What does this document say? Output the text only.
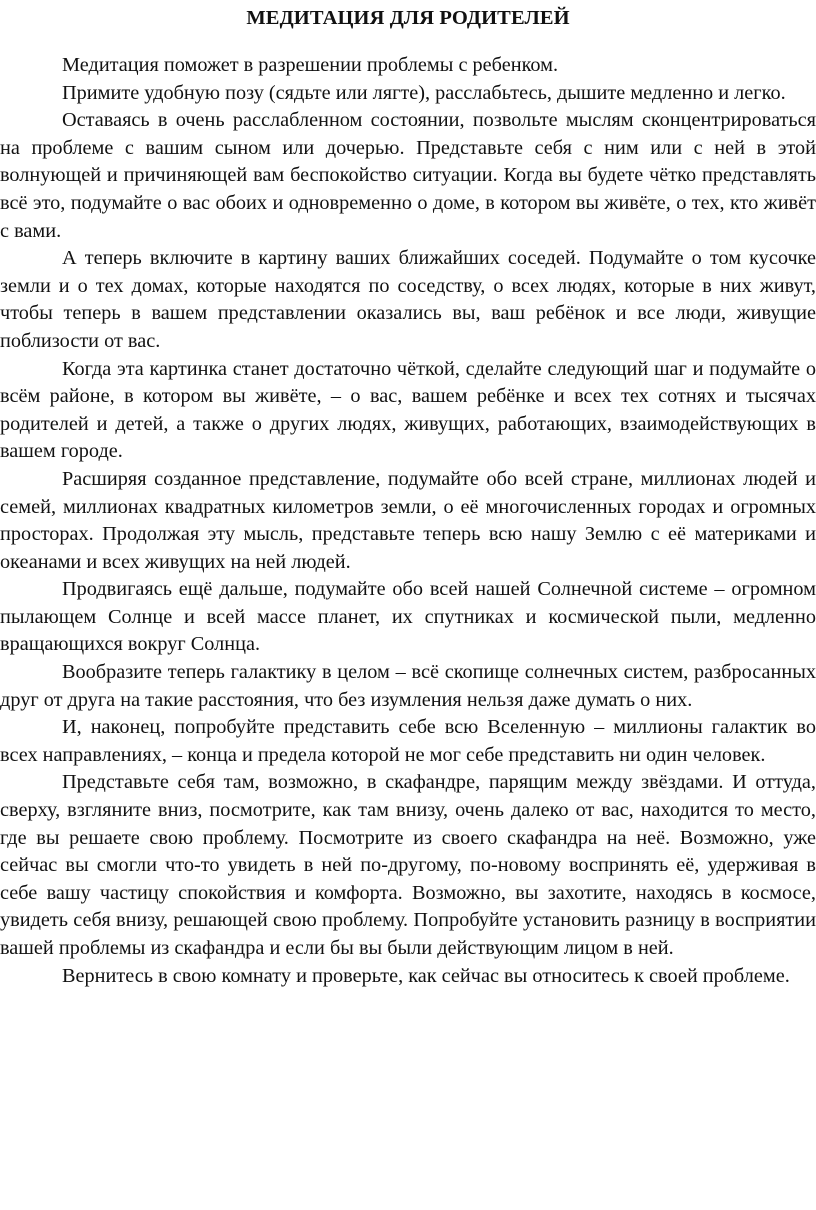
МЕДИТАЦИЯ ДЛЯ РОДИТЕЛЕЙ

Медитация поможет в разрешении проблемы с ребенком.

Примите удобную позу (сядьте или лягте), расслабьтесь, дышите медленно и легко.

Оставаясь в очень расслабленном состоянии, позвольте мыслям сконцентрироваться на проблеме с вашим сыном или дочерью. Представьте себя с ним или с ней в этой волнующей и причиняющей вам беспокойство ситуации. Когда вы будете чётко представлять всё это, подумайте о вас обоих и одновременно о доме, в котором вы живёте, о тех, кто живёт с вами.

А теперь включите в картину ваших ближайших соседей. Подумайте о том кусочке земли и о тех домах, которые находятся по соседству, о всех людях, которые в них живут, чтобы теперь в вашем представлении оказались вы, ваш ребёнок и все люди, живущие поблизости от вас.

Когда эта картинка станет достаточно чёткой, сделайте следующий шаг и подумайте о всём районе, в котором вы живёте, – о вас, вашем ребёнке и всех тех сотнях и тысячах родителей и детей, а также о других людях, живущих, работающих, взаимодействующих в вашем городе.

Расширяя созданное представление, подумайте обо всей стране, миллионах людей и семей, миллионах квадратных километров земли, о её многочисленных городах и огромных просторах. Продолжая эту мысль, представьте теперь всю нашу Землю с её материками и океанами и всех живущих на ней людей.

Продвигаясь ещё дальше, подумайте обо всей нашей Солнечной системе – огромном пылающем Солнце и всей массе планет, их спутниках и космической пыли, медленно вращающихся вокруг Солнца.

Вообразите теперь галактику в целом – всё скопище солнечных систем, разбросанных друг от друга на такие расстояния, что без изумления нельзя даже думать о них.

И, наконец, попробуйте представить себе всю Вселенную – миллионы галактик во всех направлениях, – конца и предела которой не мог себе представить ни один человек.

Представьте себя там, возможно, в скафандре, парящим между звёздами. И оттуда, сверху, взгляните вниз, посмотрите, как там внизу, очень далеко от вас, находится то место, где вы решаете свою проблему. Посмотрите из своего скафандра на неё. Возможно, уже сейчас вы смогли что-то увидеть в ней по-другому, по-новому воспринять её, удерживая в себе вашу частицу спокойствия и комфорта. Возможно, вы захотите, находясь в космосе, увидеть себя внизу, решающей свою проблему. Попробуйте установить разницу в восприятии вашей проблемы из скафандра и если бы вы были действующим лицом в ней.

Вернитесь в свою комнату и проверьте, как сейчас вы относитесь к своей проблеме.
